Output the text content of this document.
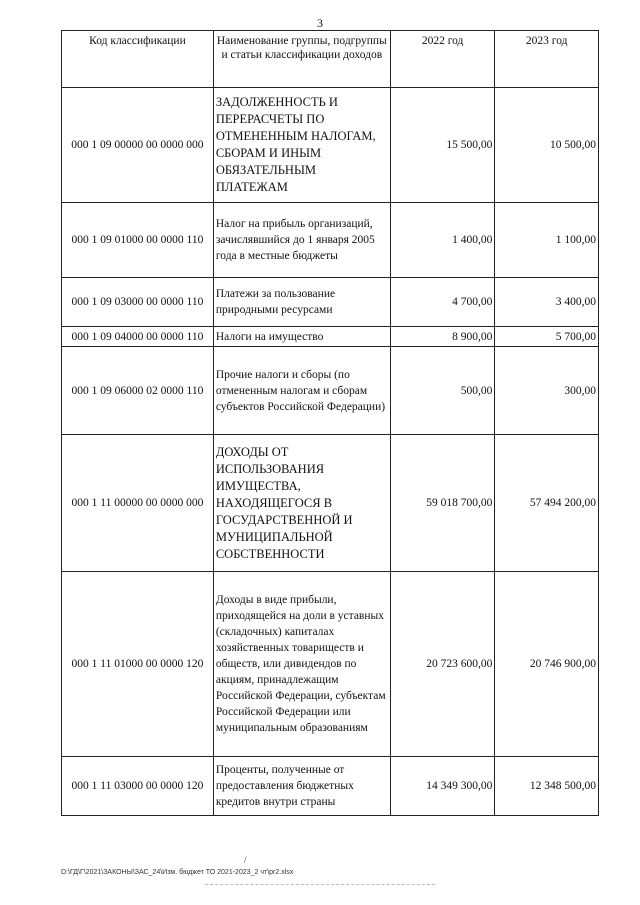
3
Код классификации	Наименование группы, подгруппы и статьи классификации доходов	2022 год	2023 год
000 1 09 00000 00 0000 000	ЗАДОЛЖЕННОСТЬ И ПЕРЕРАСЧЕТЫ ПО ОТМЕНЕННЫМ НАЛОГАМ, СБОРАМ И ИНЫМ ОБЯЗАТЕЛЬНЫМ ПЛАТЕЖАМ	15 500,00	10 500,00
000 1 09 01000 00 0000 110	Налог на прибыль организаций, зачислявшийся до 1 января 2005 года в местные бюджеты	1 400,00	1 100,00
000 1 09 03000 00 0000 110	Платежи за пользование природными ресурсами	4 700,00	3 400,00
000 1 09 04000 00 0000 110	Налоги на имущество	8 900,00	5 700,00
000 1 09 06000 02 0000 110	Прочие налоги и сборы (по отмененным налогам и сборам субъектов Российской Федерации)	500,00	300,00
000 1 11 00000 00 0000 000	ДОХОДЫ ОТ ИСПОЛЬЗОВАНИЯ ИМУЩЕСТВА, НАХОДЯЩЕГОСЯ В ГОСУДАРСТВЕННОЙ И МУНИЦИПАЛЬНОЙ СОБСТВЕННОСТИ	59 018 700,00	57 494 200,00
000 1 11 01000 00 0000 120	Доходы в виде прибыли, приходящейся на доли в уставных (складочных) капиталах хозяйственных товариществ и обществ, или дивидендов по акциям, принадлежащим Российской Федерации, субъектам Российской Федерации или муниципальным образованиям	20 723 600,00	20 746 900,00
000 1 11 03000 00 0000 120	Проценты, полученные от предоставления бюджетных кредитов внутри страны	14 349 300,00	12 348 500,00
/
D:\ГД\Г\2021\ЗАКОНЫ\ЗАС_24\Изм. бюджет ТО 2021-2023_2 чт\pr2.xlsx
